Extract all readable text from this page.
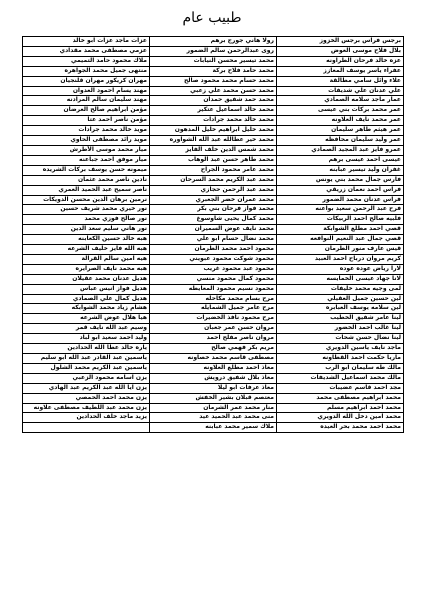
طبيب عام
برجس فراس برجس الخزوز	رولا هاني جورج برهم	عزات ماجد عزات ابو خالد
بلال فلاح موسى العوض	روى عبدالرحمن سالم الضمور	عزمي مصطفى محمد مقدادي
عزه خالد فرحان الطراونه	محمد تيسير محسن النيابات	ملاك محمود حامد التميمي
عفراء ياسر يوسف المعازز	محمد حامد فلاح بركة	منتهى جميل محمد الجواهره
علاء وائل سامي مطالقة	محمد حسام محمد محمود صالح	مهران كريكور مهران قلنجيان
علي عدنان علي شديفات	محمد حسن محمد علي زعبي	مهند يسام احمود العدوان
عمار ماجد سلامه الصمادي	محمد حمد شفيق حمدان	مهند سليمان سالم المرادنه
عمر محمد بركات بني عيسى	محمد خالد اسماعيل عتكير	مؤمن ابراهيم صالح العرضان
عمر محمد نايف العلاونه	محمد خالد محمد جرادات	مؤمن ناصر احمد عتا
عمر هيثم طاهر سليمان	محمد خليل ابراهيم خليل المدهون	مويد خالد محمد جرادات
عمر وليد سليمان محافظه	محمد خير عطالله عبد الله الشواوره	مويد رائد مصطفى الحاوي
عمرو فايز عبد المجيد الصمادي	محمد شمس الدين خلف الفايز	ميار محمد موسى الأطرش
عيسى احمد عيسى برهم	محمد طاهر حسن عبد الوهاب	ميار موفق احمد جباعنه
غفران وليد تيسير عبابنه	محمد عامر محمود الجراح	ميمونه حسن يوسف بركات الشريده
فارس جمال محمد بني يونس	محمد عبد الكريم محمد السرحان	نادين ناصر محمد عثمان
فراس احمد نعمان زريقي	محمد عبد الرحمن حجازي	ناصر سميح عبد الحميد العمري
فراس عدنان محمد الضمور	محمد عمران خضر الجعبري	نرمين برهان الدين محسن الدويكات
فرح عبد الرحمن سعيد بواعنه	محمد فواز فرحان بني بكر	نور خيري محمد شريف حسين
فلبيه صالح احمد الربيكات	محمد كمال يحيى شاوسوغ	نور صالح فوزي محمد
قصي احمد مطلع الشوابكة	محمد نايف عوض السميران	نور هاني سليم سعد الدين
قصي جمال عبد النعيم النوافعه	محمد نضال حسام ابو علي	هبه خالد حسين الكعابنه
قيس عارف منور الطرمان	محمود احمد محمد الطرمان	هبه الله فايز خليف الشرعه
كريم مروان درباح احمد العبيد	محمود شوكت محمود عبويني	هيه امين سالم القرالة
لارا رياض عوده عوده	محمود عبد محمود غريب	هبه محمد نايف الصرايره
لانا جهاد عيسى الخمايسه	محمود كمال محمود منسي	هديل عدنان محمد عقيلان
لمى وجيه محمد خليفات	محمود نسيم محمود المعايطه	هديل فواز انيس عباس
لين حسين جميل العقيلي	مرح بسام محمد مكاحله	هديل كمال علي الصمادي
لين سلامه يوسف العبابره	مرح عامر جميل الشمايله	هشام زياد محمد الشوابكه
لينا عامر شفيق الخطيب	مرح محمود نافذ الخضيرات	هيا هلال عوض الشرعه
لينا غالب احمد الخضور	مروان حسن عمر جعبان	وسيم عبد الله نايف قمر
لينا نضال حسن شحات	مروان ناصر مفلح احمد	وليد احمد سعيد ابو لباد
ماجد نايف ياسين الدويري	مريم بكر فهمي صالح	ياره خالد عطا الله الحدادين
ماريا حكمت احمد القطاونه	مصطفى قاسم محمد خصاونه	ياسمين عبد القادر عبد الله ابو سليم
مالك طه سليمان ابو الرب	معاذ احمد مطلع العلاونه	ياسمين عبد الكريم محمد الشلول
مالك محمد اسماعيل الشديفات	معاذ بلال شفيق درويش	يزن اسامه محمود الزعبي
مجد احمد قاسم عضيبات	معاذ عرفات ابو ليلا	يزن ايا الله عبد الكريم عبد الهادي
محمد ابراهيم مصطفى محمد	معتصم قبلان بشير الخفش	يزن محمد احمد الحمصي
محمد احمد ابراهيم مسلم	منار محمد عمر الشرمان	يزن محمد عبد اللطيف مصطفى علاونه
محمد امين دخل الله الدويري	منى محمد عبد الحميد عيد	يزيد ماجد خلف الحدادين
محمد احمد محمد بحر العيده	ملاك سمير محمد عبابنه	
